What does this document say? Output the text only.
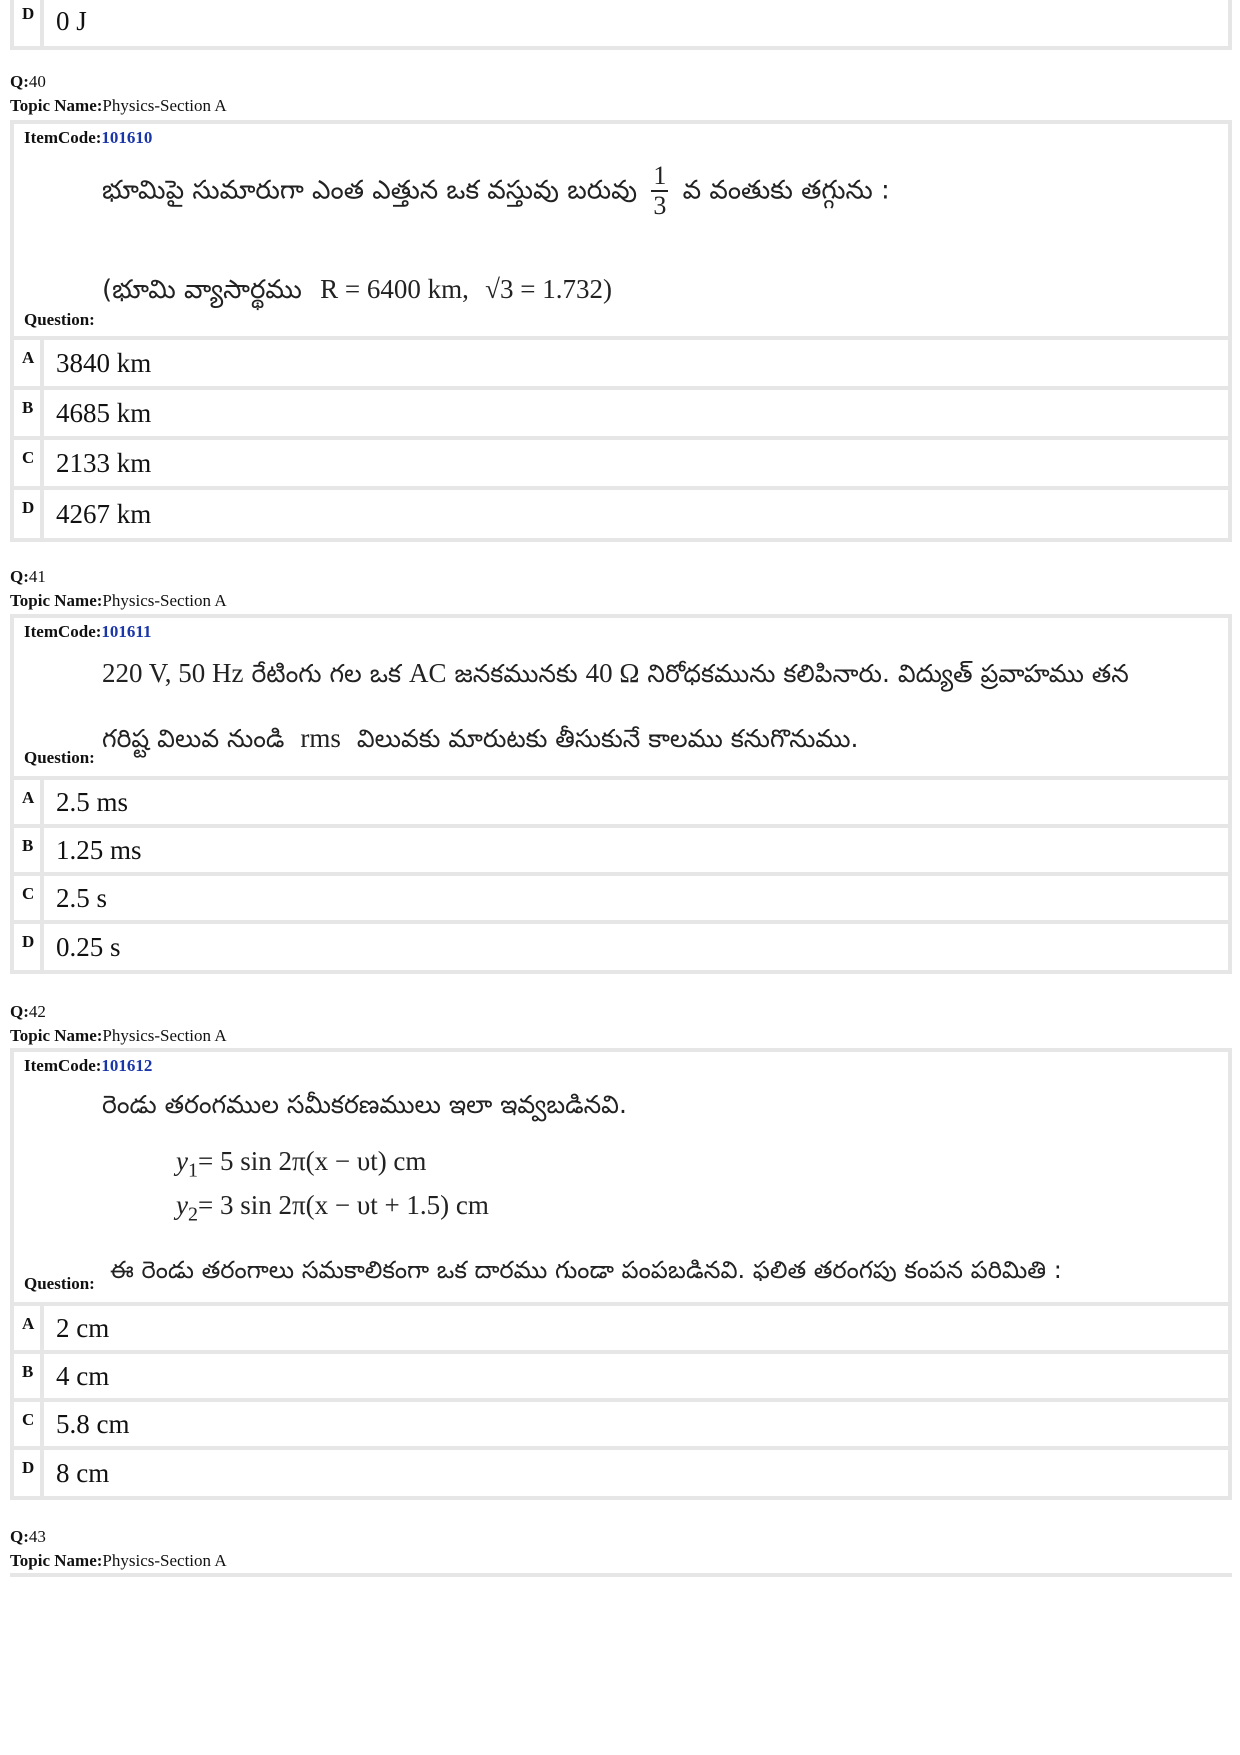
D 0 J
Q:40
Topic Name:Physics-Section A
ItemCode:101610
భూమిపై సుమారుగా ఎంత ఎత్తున ఒక వస్తువు బరువు $\frac{1}{3}$ వ వంతుకు తగ్గును :
(భూమి వ్యాసార్థము R = 6400 km, √3 = 1.732)
Question:
A 3840 km
B 4685 km
C 2133 km
D 4267 km
Q:41
Topic Name:Physics-Section A
ItemCode:101611
220 V, 50 Hz రేటింగు గల ఒక AC జనకమునకు 40 Ω నిరోధకమును కలిపినారు. విద్యుత్ ప్రవాహము తన
గరిష్ట విలువ నుండి rms విలువకు మారుటకు తీసుకునే కాలము కనుగొనుము.
Question:
A 2.5 ms
B 1.25 ms
C 2.5 s
D 0.25 s
Q:42
Topic Name:Physics-Section A
ItemCode:101612
రెండు తరంగముల సమీకరణములు ఇలా ఇవ్వబడినవి.
$y_1= 5$ sin 2π(x − υt) cm
$y_2= 3$ sin 2π(x − υt + 1.5) cm
ఈ రెండు తరంగాలు సమకాలికంగా ఒక దారము గుండా పంపబడినవి. ఫలిత తరంగపు కంపన పరిమితి :
Question:
A 2 cm
B 4 cm
C 5.8 cm
D 8 cm
Q:43
Topic Name:Physics-Section A
